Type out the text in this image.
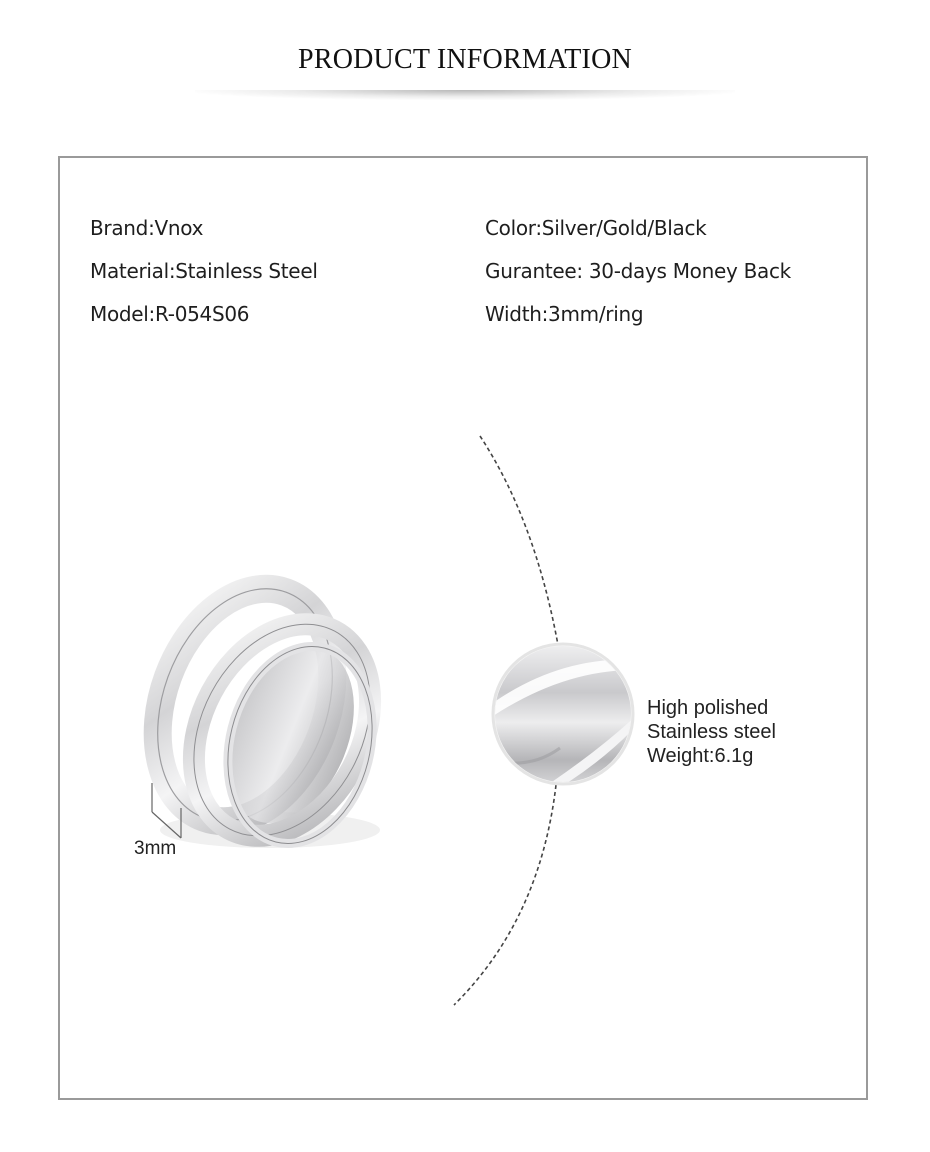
PRODUCT INFORMATION
Brand:Vnox
Material:Stainless Steel
Model:R-054S06
Color:Silver/Gold/Black
Gurantee: 30-days Money Back
Width:3mm/ring
3mm
High polished
Stainless steel
Weight:6.1g
